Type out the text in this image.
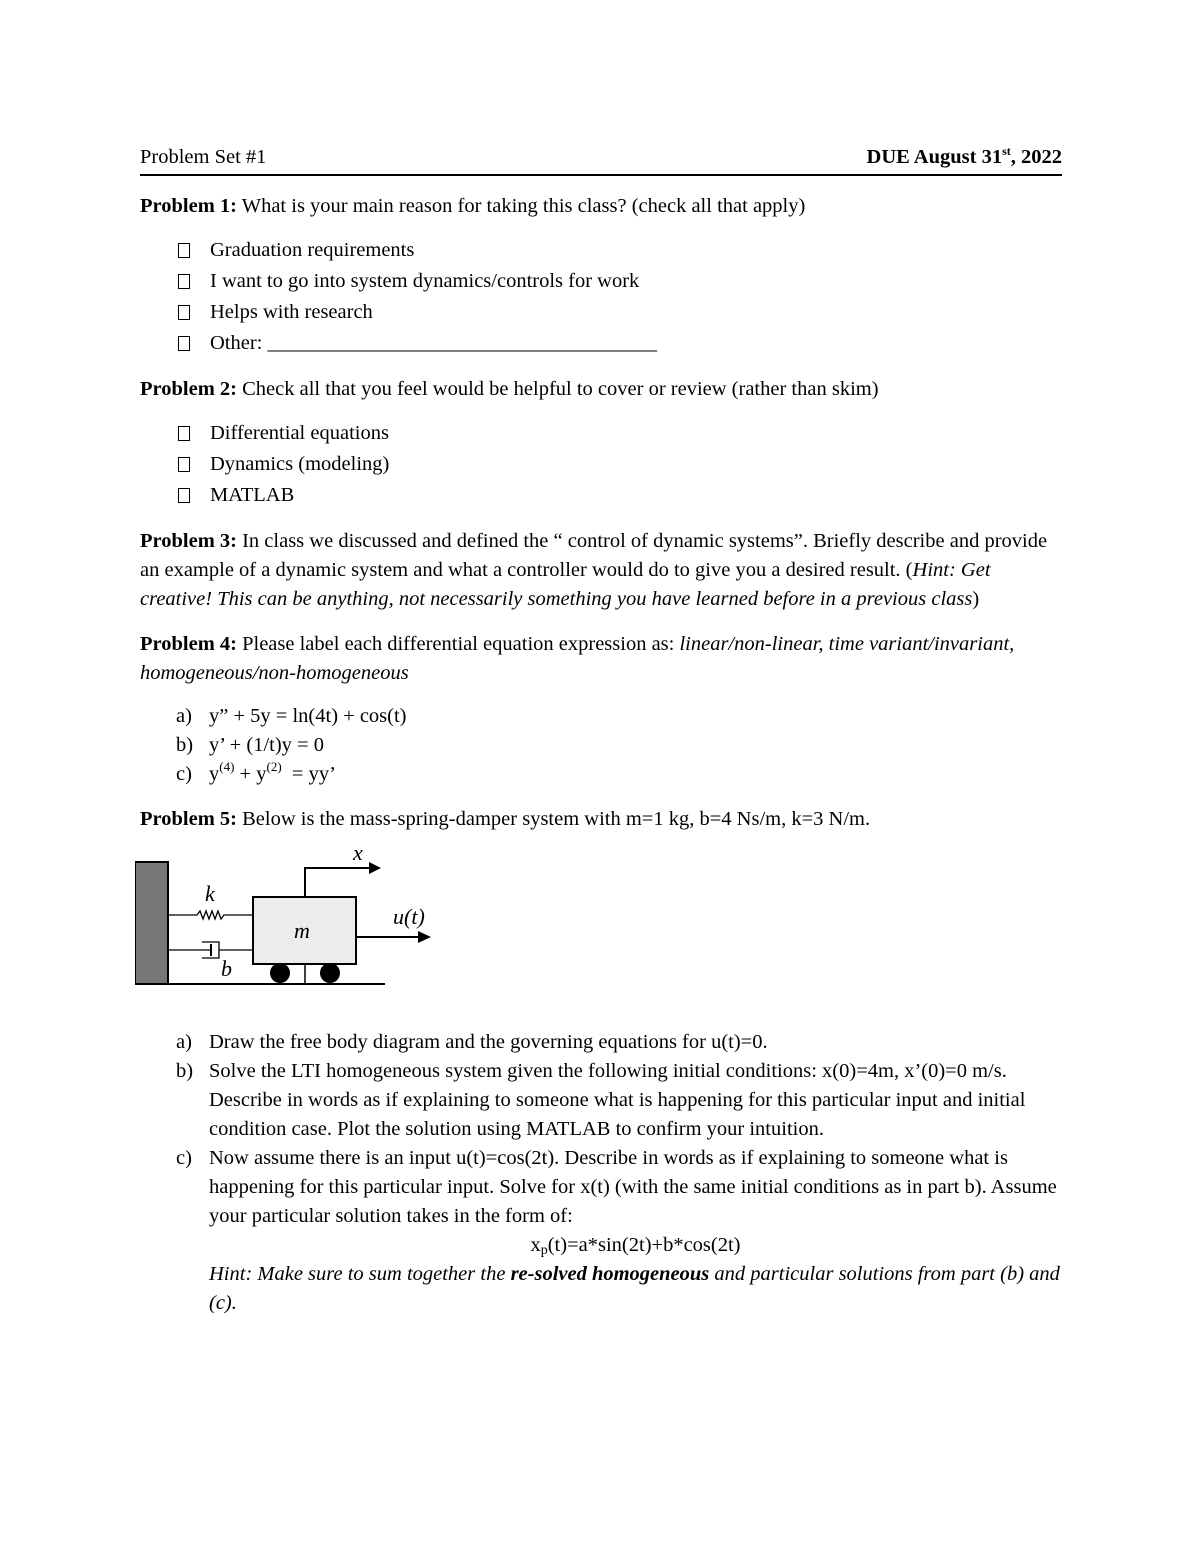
Problem Set #1	DUE August 31st, 2022

Problem 1: What is your main reason for taking this class? (check all that apply)

Graduation requirements
I want to go into system dynamics/controls for work
Helps with research
Other: ______________________________________

Problem 2: Check all that you feel would be helpful to cover or review (rather than skim)

Differential equations
Dynamics (modeling)
MATLAB

Problem 3: In class we discussed and defined the “ control of dynamic systems”. Briefly describe and provide an example of a dynamic system and what a controller would do to give you a desired result. (Hint: Get creative! This can be anything, not necessarily something you have learned before in a previous class)

Problem 4: Please label each differential equation expression as: linear/non-linear, time variant/invariant, homogeneous/non-homogeneous

a) y” + 5y = ln(4t) + cos(t)
b) y’ + (1/t)y = 0
c) $y^{(4)} + y^{(2)}$  = yy’

Problem 5: Below is the mass-spring-damper system with m=1 kg, b=4 Ns/m, k=3 N/m.

x
k
m
u(t)
b
a) Draw the free body diagram and the governing equations for u(t)=0.
b) Solve the LTI homogeneous system given the following initial conditions: x(0)=4m, x’(0)=0 m/s. Describe in words as if explaining to someone what is happening for this particular input and initial condition case. Plot the solution using MATLAB to confirm your intuition.
c) Now assume there is an input u(t)=cos(2t). Describe in words as if explaining to someone what is happening for this particular input. Solve for x(t) (with the same initial conditions as in part b). Assume your particular solution takes in the form of:
$x_p(t)=a*\sin(2t)+b*\cos(2t)$
Hint: Make sure to sum together the re-solved homogeneous and particular solutions from part (b) and (c).
